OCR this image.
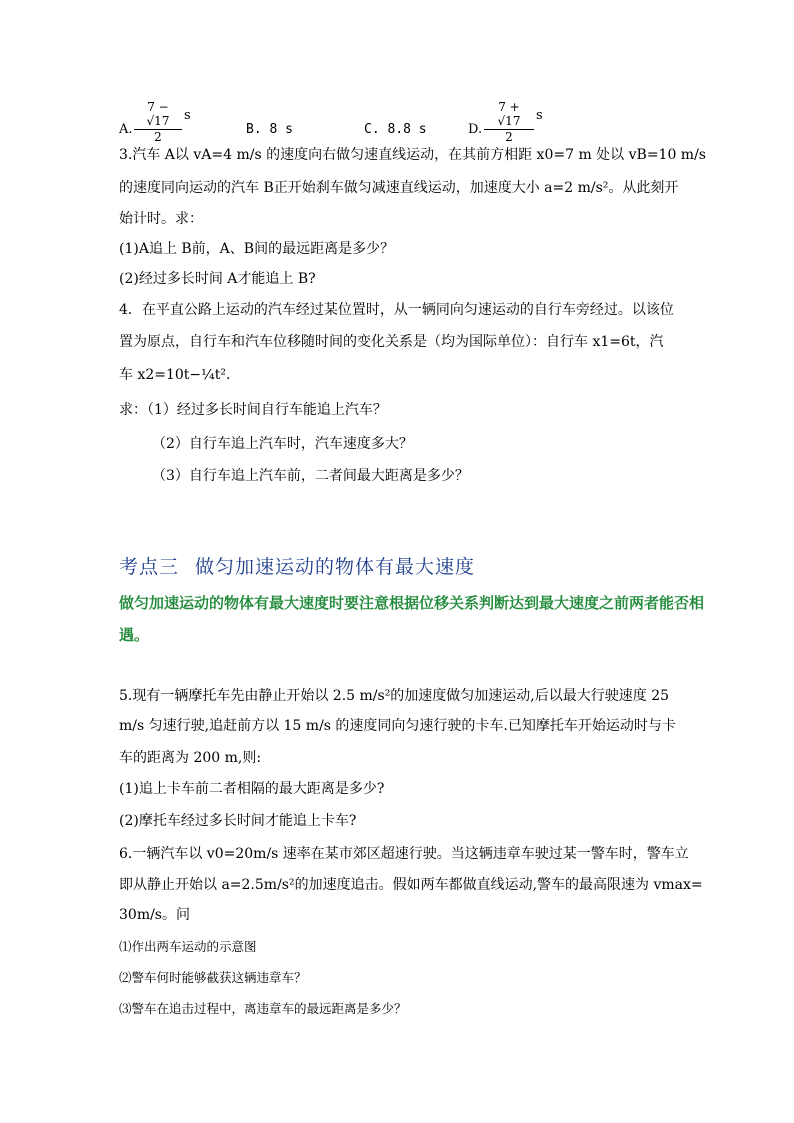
A. $\frac{7 - √17}{2}$ s
B. 8 s	C. 8.8 s	D. $\frac{7 + √17}{2}$ s
3.汽车 A以 vA=4 m/s 的速度向右做匀速直线运动，在其前方相距 x0=7 m 处以 vB=10 m/s
的速度同向运动的汽车 B正开始刹车做匀减速直线运动，加速度大小 a=2 m/s²。从此刻开
始计时。求：
(1)A追上 B前，A、B间的最远距离是多少？
(2)经过多长时间 A才能追上 B?
4．在平直公路上运动的汽车经过某位置时，从一辆同向匀速运动的自行车旁经过。以该位
置为原点，自行车和汽车位移随时间的变化关系是（均为国际单位）：自行车 x1=6t，汽
车 x2=10t−¼t².
求：（1）经过多长时间自行车能追上汽车？
（2）自行车追上汽车时，汽车速度多大？
（3）自行车追上汽车前，二者间最大距离是多少？
考点三 做匀加速运动的物体有最大速度
做匀加速运动的物体有最大速度时要注意根据位移关系判断达到最大速度之前两者能否相
遇。
5.现有一辆摩托车先由静止开始以 2.5 m/s²的加速度做匀加速运动,后以最大行驶速度 25
m/s 匀速行驶,追赶前方以 15 m/s 的速度同向匀速行驶的卡车.已知摩托车开始运动时与卡
车的距离为 200 m,则:
(1)追上卡车前二者相隔的最大距离是多少?
(2)摩托车经过多长时间才能追上卡车?
6.一辆汽车以 v0=20m/s 速率在某市郊区超速行驶。当这辆违章车驶过某一警车时，警车立
即从静止开始以 a=2.5m/s²的加速度追击。假如两车都做直线运动,警车的最高限速为 vmax=
30m/s。问
⑴作出两车运动的示意图
⑵警车何时能够截获这辆违章车？
⑶警车在追击过程中，离违章车的最远距离是多少？
